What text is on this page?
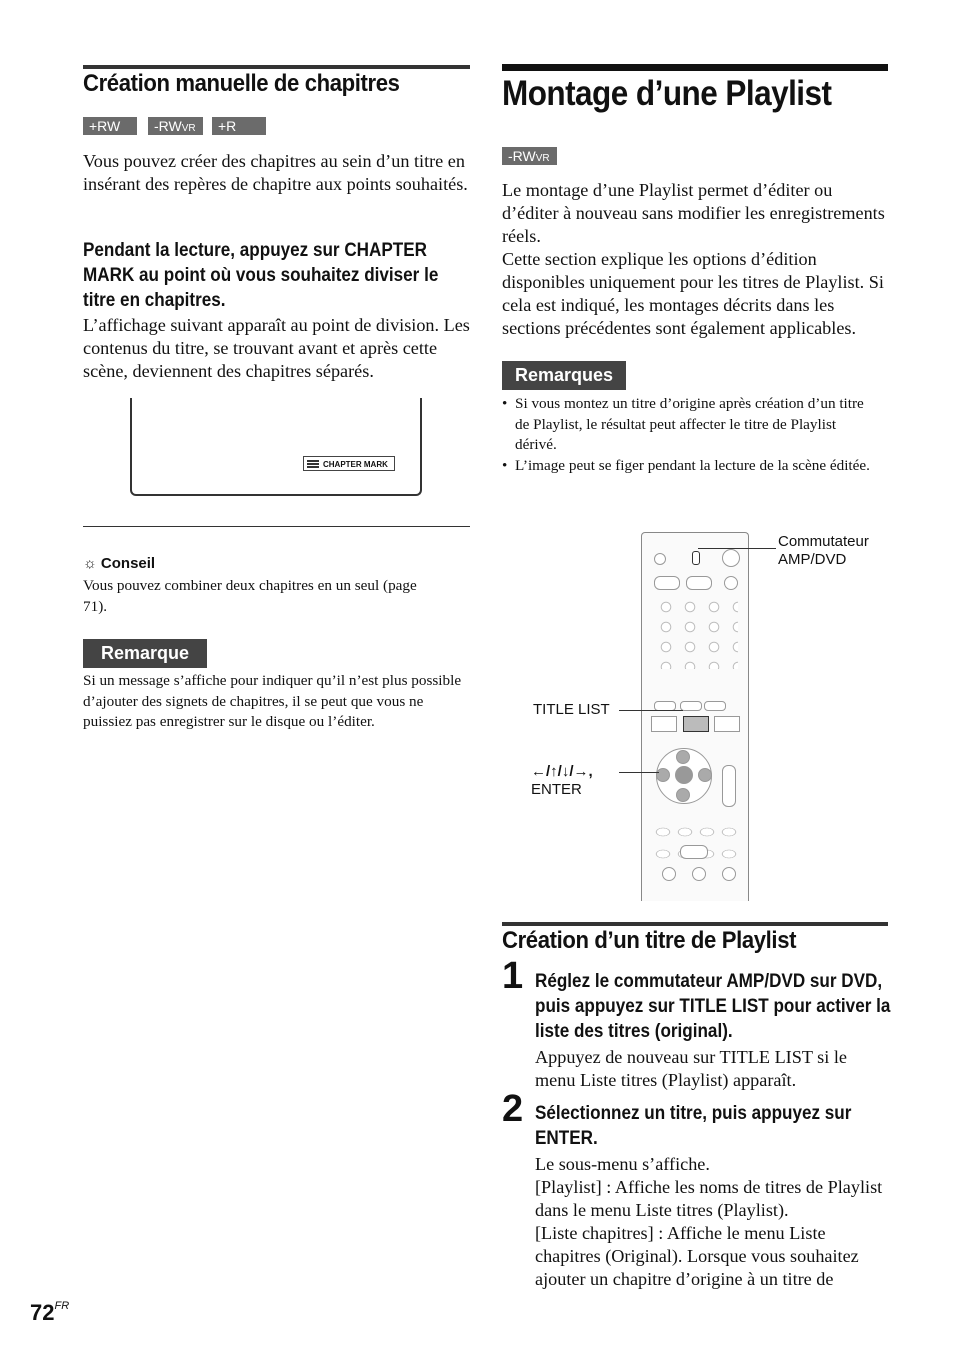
Création manuelle de chapitres
+RW	-RWVR	+R
Vous pouvez créer des chapitres au sein d’un titre en insérant des repères de chapitre aux points souhaités.
Pendant la lecture, appuyez sur CHAPTER MARK au point où vous souhaitez diviser le titre en chapitres.
L’affichage suivant apparaît au point de division. Les contenus du titre, se trouvant avant et après cette scène, deviennent des chapitres séparés.
CHAPTER MARK
☼ Conseil
Vous pouvez combiner deux chapitres en un seul (page 71).
Remarque
Si un message s’affiche pour indiquer qu’il n’est plus possible d’ajouter des signets de chapitres, il se peut que vous ne puissiez pas enregistrer sur le disque ou l’éditer.
Montage d’une Playlist
-RWVR
Le montage d’une Playlist permet d’éditer ou d’éditer à nouveau sans modifier les enregistrements réels.
Cette section explique les options d’édition disponibles uniquement pour les titres de Playlist. Si cela est indiqué, les montages décrits dans les sections précédentes sont également applicables.
Remarques
• Si vous montez un titre d’origine après création d’un titre de Playlist, le résultat peut affecter le titre de Playlist dérivé.
• L’image peut se figer pendant la lecture de la scène éditée.
Commutateur
AMP/DVD
TITLE LIST
←/↑/↓/→,
ENTER
Création d’un titre de Playlist
1 Réglez le commutateur AMP/DVD sur DVD, puis appuyez sur TITLE LIST pour activer la liste des titres (original).
Appuyez de nouveau sur TITLE LIST si le menu Liste titres (Playlist) apparaît.
2 Sélectionnez un titre, puis appuyez sur ENTER.
Le sous-menu s’affiche.
[Playlist] : Affiche les noms de titres de Playlist dans le menu Liste titres (Playlist).
[Liste chapitres] : Affiche le menu Liste chapitres (Original). Lorsque vous souhaitez ajouter un chapitre d’origine à un titre de
$72^{FR}$
